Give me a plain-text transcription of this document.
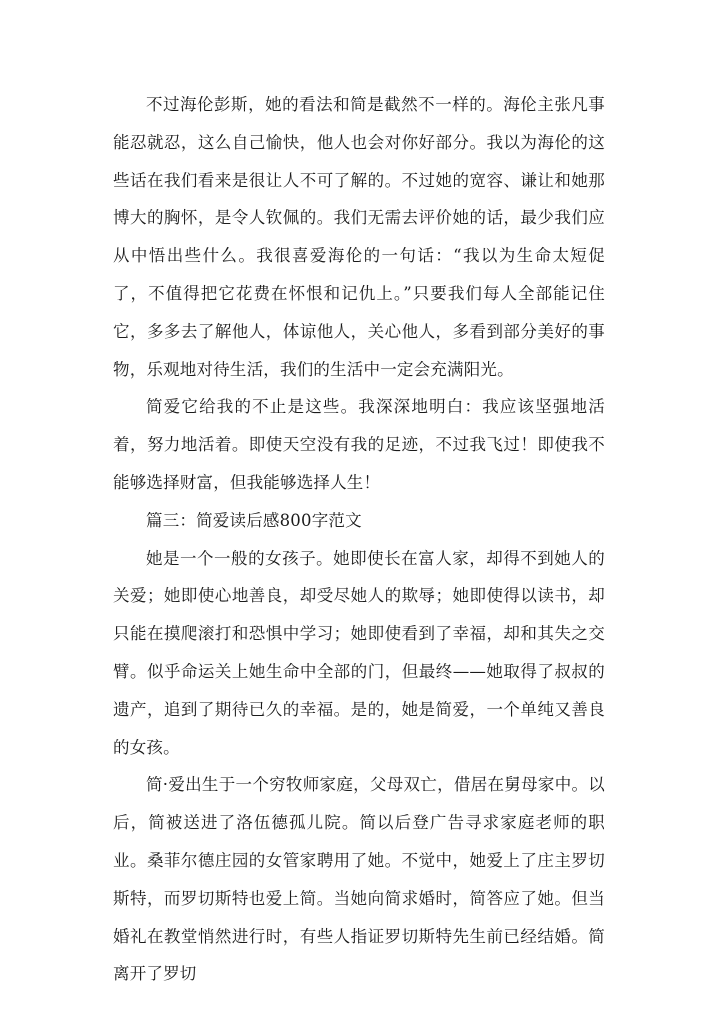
不过海伦彭斯，她的看法和简是截然不一样的。海伦主张凡事能忍就忍，这么自己愉快，他人也会对你好部分。我以为海伦的这些话在我们看来是很让人不可了解的。不过她的宽容、谦让和她那博大的胸怀，是令人钦佩的。我们无需去评价她的话，最少我们应从中悟出些什么。我很喜爱海伦的一句话：“我以为生命太短促了，不值得把它花费在怀恨和记仇上。”只要我们每人全部能记住它，多多去了解他人，体谅他人，关心他人，多看到部分美好的事物，乐观地对待生活，我们的生活中一定会充满阳光。

简爱它给我的不止是这些。我深深地明白：我应该坚强地活着，努力地活着。即使天空没有我的足迹，不过我飞过！即使我不能够选择财富，但我能够选择人生！

篇三：简爱读后感800字范文

她是一个一般的女孩子。她即使长在富人家，却得不到她人的关爱；她即使心地善良，却受尽她人的欺辱；她即使得以读书，却只能在摸爬滚打和恐惧中学习；她即使看到了幸福，却和其失之交臂。似乎命运关上她生命中全部的门，但最终——她取得了叔叔的遗产，追到了期待已久的幸福。是的，她是简爱，一个单纯又善良的女孩。

简·爱出生于一个穷牧师家庭，父母双亡，借居在舅母家中。以后，简被送进了洛伍德孤儿院。简以后登广告寻求家庭老师的职业。桑菲尔德庄园的女管家聘用了她。不觉中，她爱上了庄主罗切斯特，而罗切斯特也爱上简。当她向简求婚时，简答应了她。但当婚礼在教堂悄然进行时，有些人指证罗切斯特先生前已经结婚。简离开了罗切
